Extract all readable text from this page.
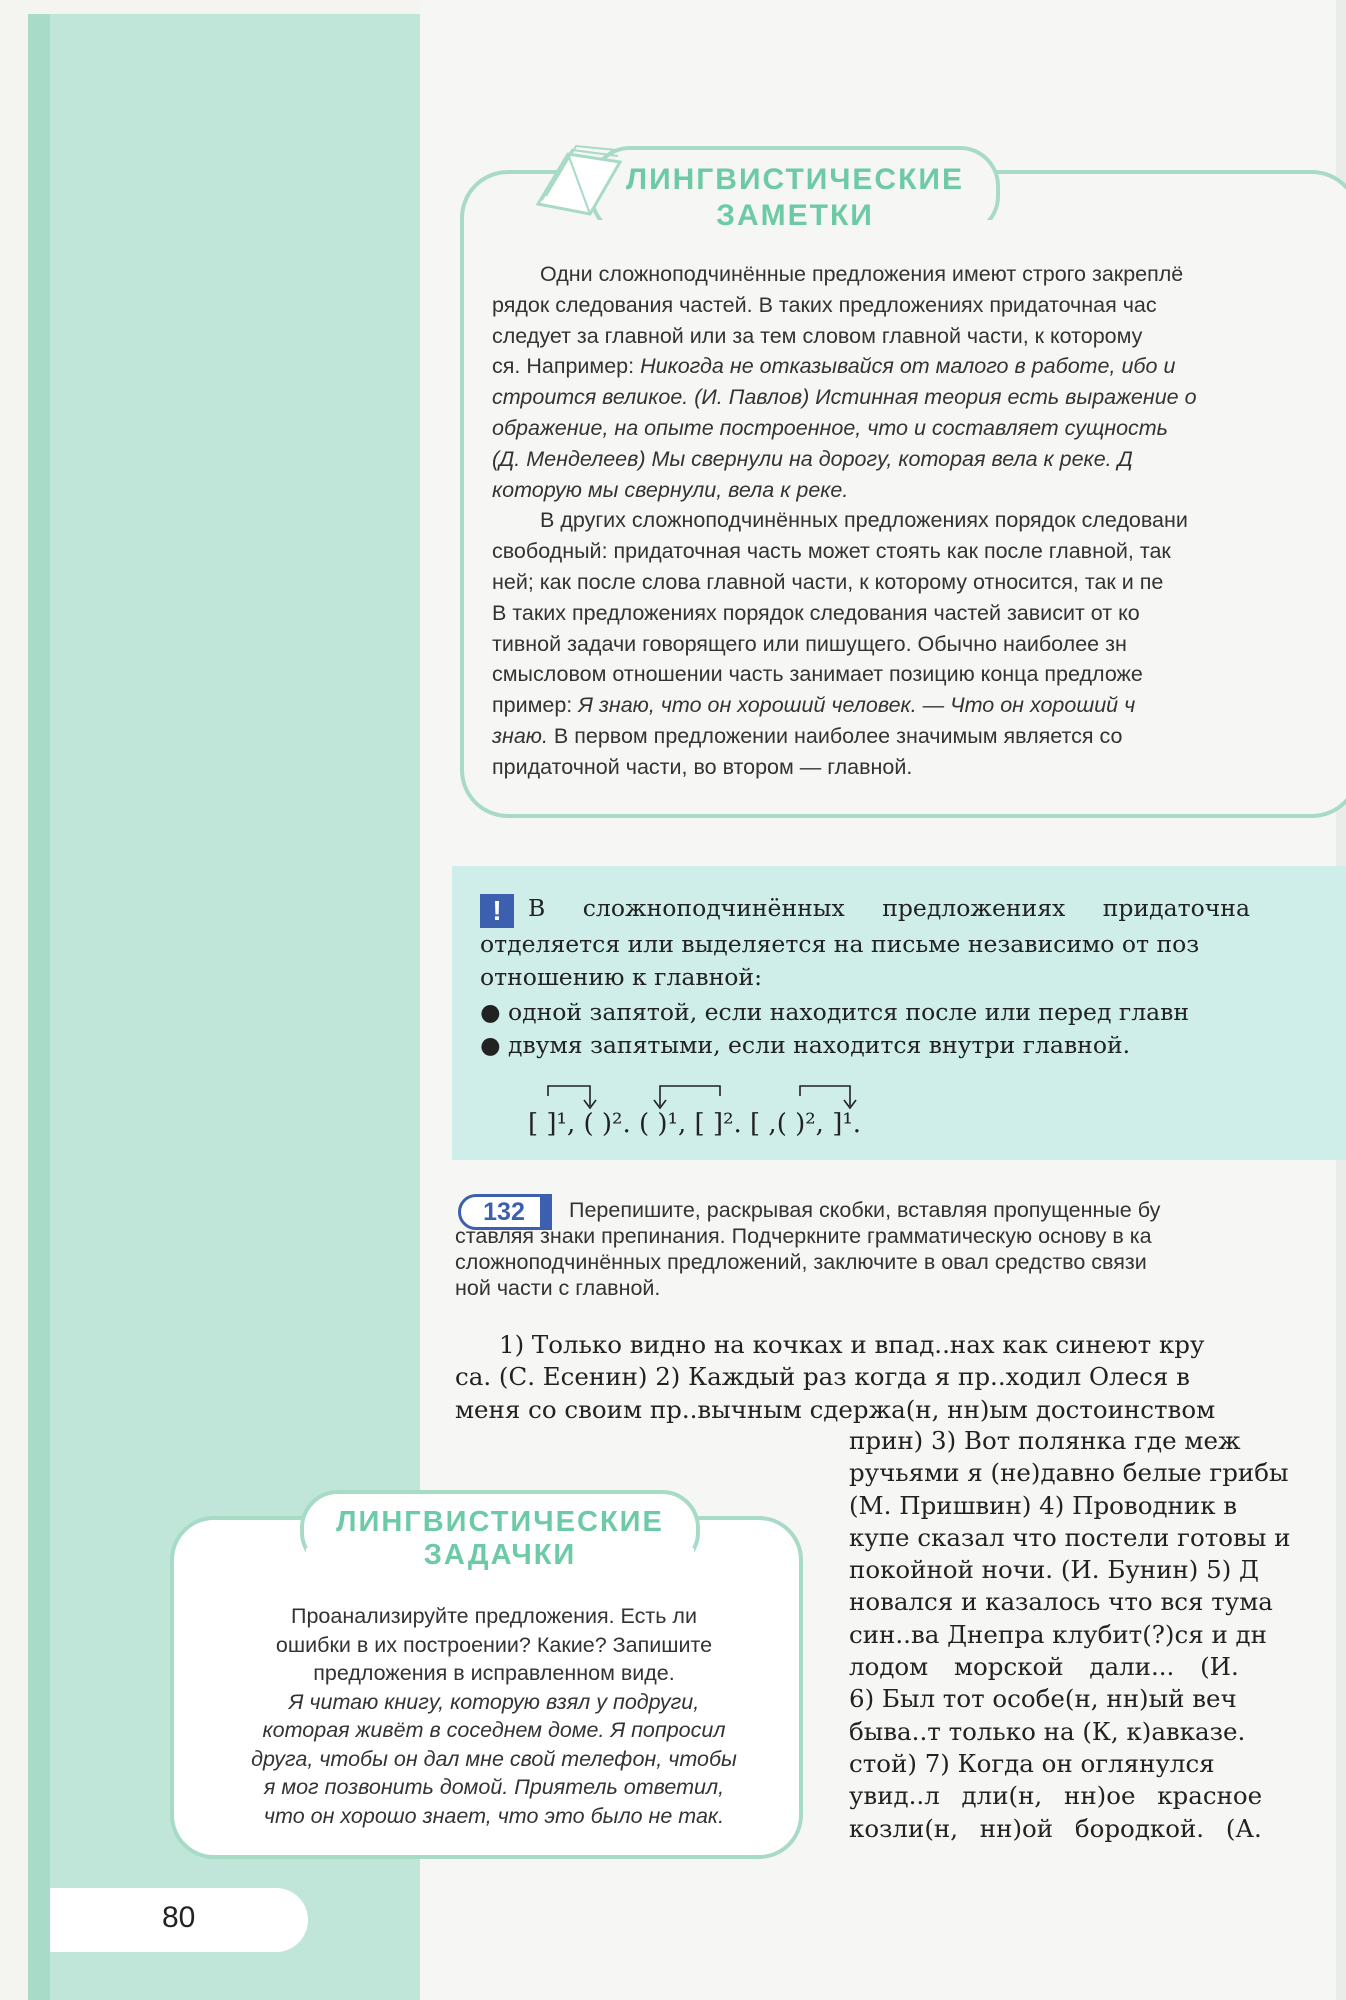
ЛИНГВИСТИЧЕСКИЕ
ЗАМЕТКИ

Одни сложноподчинённые предложения имеют строго закреплё

рядок следования частей. В таких предложениях придаточная час

следует за главной или за тем словом главной части, к которому

ся. Например: Никогда не отказывайся от малого в работе, ибо и

строится великое. (И. Павлов) Истинная теория есть выражение о

ображение, на опыте построенное, что и составляет сущность

(Д. Менделеев) Мы свернули на дорогу, которая вела к реке. Д

которую мы свернули, вела к реке.

В других сложноподчинённых предложениях порядок следовани

свободный: придаточная часть может стоять как после главной, так

ней; как после слова главной части, к которому относится, так и пе

В таких предложениях порядок следования частей зависит от ко

тивной задачи говорящего или пишущего. Обычно наиболее зн

смысловом отношении часть занимает позицию конца предложе

пример: Я знаю, что он хороший человек. — Что он хороший ч

знаю. В первом предложении наиболее значимым является со

придаточной части, во втором — главной.

! В сложноподчинённых предложениях придаточна

отделяется или выделяется на письме независимо от поз

отношению к главной:

● одной запятой, если находится после или перед главн

● двумя запятыми, если находится внутри главной.

[ ]¹, ( )². ( )¹, [ ]². [ ,( )², ]¹.
132	Перепишите, раскрывая скобки, вставляя пропущенные бу

ставляя знаки препинания. Подчеркните грамматическую основу в ка

сложноподчинённых предложений, заключите в овал средство связи

ной части с главной.

1) Только видно на кочках и впад..нах как синеют кру

са. (С. Есенин) 2) Каждый раз когда я пр..ходил Олеся в

меня со своим пр..вычным сдержа(н, нн)ым достоинством

прин) 3) Вот полянка где меж

ручьями я (не)давно белые грибы

(М. Пришвин) 4) Проводник в

купе сказал что постели готовы и

покойной ночи. (И. Бунин) 5) Д

новался и казалось что вся тума

син..ва Днепра клубит(?)ся и дн

лодом морской дали... (И.

6) Был тот особе(н, нн)ый веч

быва..т только на (К, к)авказе.

стой) 7) Когда он оглянулся

увид..л дли(н, нн)ое красное

козли(н, нн)ой бородкой. (А.

ЛИНГВИСТИЧЕСКИЕ
ЗАДАЧКИ

Проанализируйте предложения. Есть ли

ошибки в их построении? Какие? Запишите

предложения в исправленном виде.

Я читаю книгу, которую взял у подруги,

которая живёт в соседнем доме. Я попросил

друга, чтобы он дал мне свой телефон, чтобы

я мог позвонить домой. Приятель ответил,

что он хорошо знает, что это было не так.

80
